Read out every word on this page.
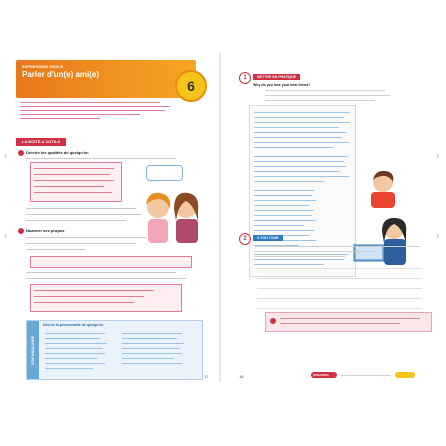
‹
‹
›
›
EXPRESSION ORALE
Parler d'un(e) ami(e)
6
LA BOITE A OUTILS
Décrire les qualités de quelqu'un
Nuancer ses propos
VOCABULAIRE
Décrire la personnalité de quelqu'un
17
1	METTRE EN PRATIQUE
Why do you love your best friend?
2	A TON TOUR
18	SPEAKING
